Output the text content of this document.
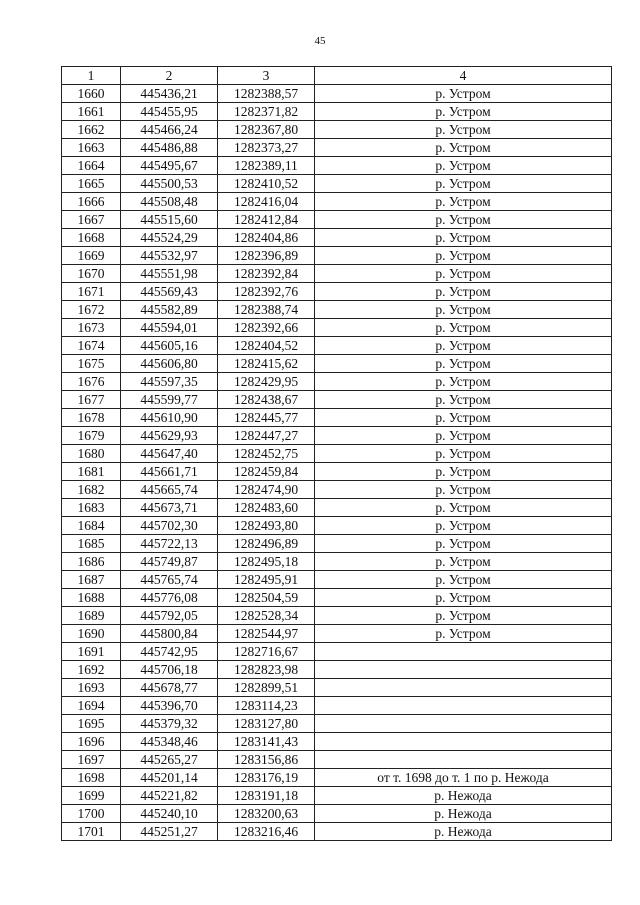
45
1	2	3	4
1660	445436,21	1282388,57	р. Устром
1661	445455,95	1282371,82	р. Устром
1662	445466,24	1282367,80	р. Устром
1663	445486,88	1282373,27	р. Устром
1664	445495,67	1282389,11	р. Устром
1665	445500,53	1282410,52	р. Устром
1666	445508,48	1282416,04	р. Устром
1667	445515,60	1282412,84	р. Устром
1668	445524,29	1282404,86	р. Устром
1669	445532,97	1282396,89	р. Устром
1670	445551,98	1282392,84	р. Устром
1671	445569,43	1282392,76	р. Устром
1672	445582,89	1282388,74	р. Устром
1673	445594,01	1282392,66	р. Устром
1674	445605,16	1282404,52	р. Устром
1675	445606,80	1282415,62	р. Устром
1676	445597,35	1282429,95	р. Устром
1677	445599,77	1282438,67	р. Устром
1678	445610,90	1282445,77	р. Устром
1679	445629,93	1282447,27	р. Устром
1680	445647,40	1282452,75	р. Устром
1681	445661,71	1282459,84	р. Устром
1682	445665,74	1282474,90	р. Устром
1683	445673,71	1282483,60	р. Устром
1684	445702,30	1282493,80	р. Устром
1685	445722,13	1282496,89	р. Устром
1686	445749,87	1282495,18	р. Устром
1687	445765,74	1282495,91	р. Устром
1688	445776,08	1282504,59	р. Устром
1689	445792,05	1282528,34	р. Устром
1690	445800,84	1282544,97	р. Устром
1691	445742,95	1282716,67	
1692	445706,18	1282823,98	
1693	445678,77	1282899,51	
1694	445396,70	1283114,23	
1695	445379,32	1283127,80	
1696	445348,46	1283141,43	
1697	445265,27	1283156,86	
1698	445201,14	1283176,19	от т. 1698 до т. 1 по р. Нежода
1699	445221,82	1283191,18	р. Нежода
1700	445240,10	1283200,63	р. Нежода
1701	445251,27	1283216,46	р. Нежода
